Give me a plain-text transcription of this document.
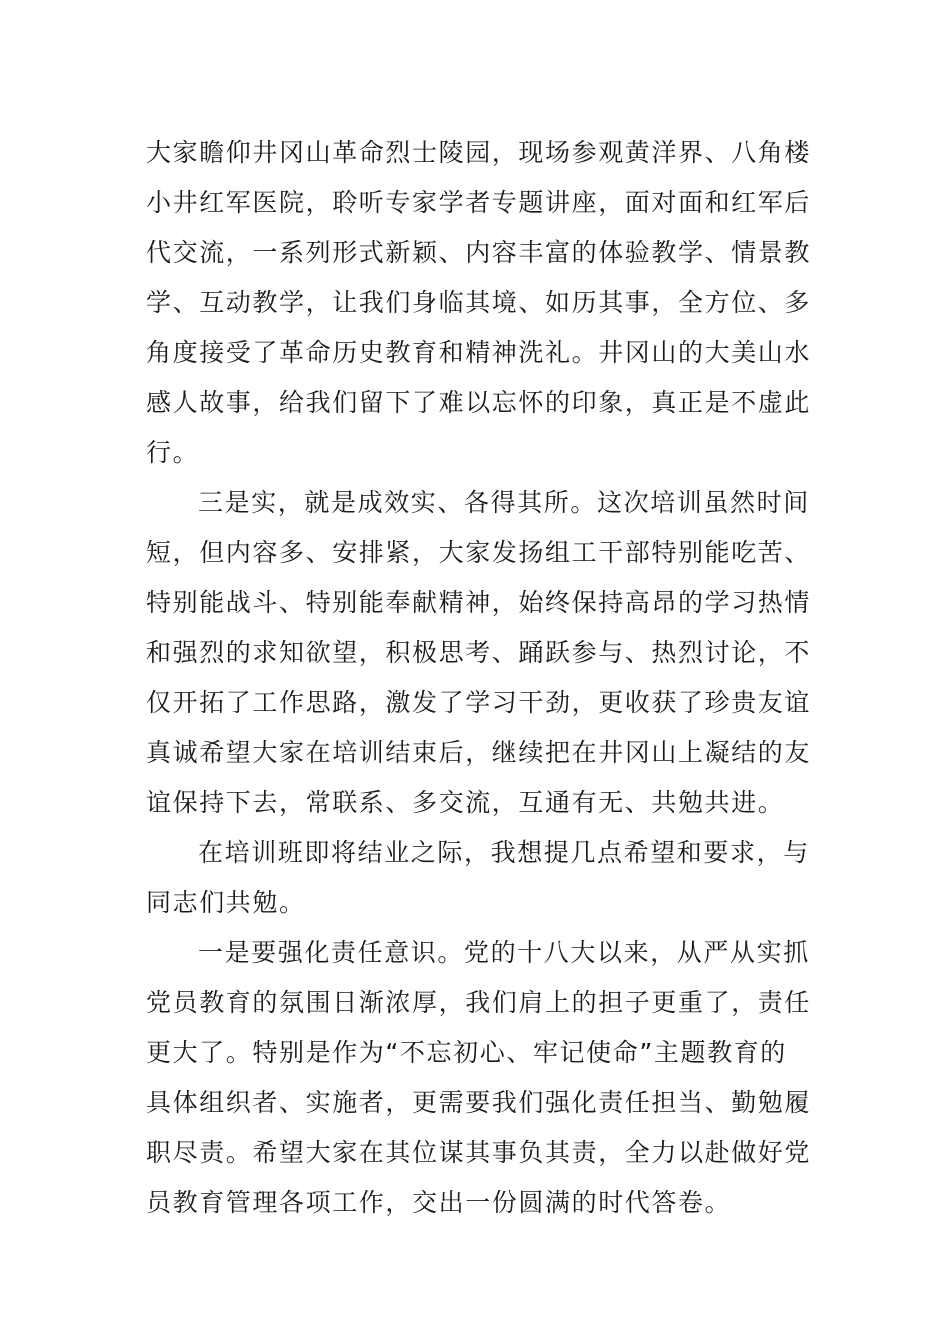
大家瞻仰井冈山革命烈士陵园，现场参观黄洋界、八角楼
小井红军医院，聆听专家学者专题讲座，面对面和红军后
代交流，一系列形式新颖、内容丰富的体验教学、情景教
学、互动教学，让我们身临其境、如历其事，全方位、多
角度接受了革命历史教育和精神洗礼。井冈山的大美山水
感人故事，给我们留下了难以忘怀的印象，真正是不虚此
行。
三是实，就是成效实、各得其所。这次培训虽然时间
短，但内容多、安排紧，大家发扬组工干部特别能吃苦、
特别能战斗、特别能奉献精神，始终保持高昂的学习热情
和强烈的求知欲望，积极思考、踊跃参与、热烈讨论，不
仅开拓了工作思路，激发了学习干劲，更收获了珍贵友谊
真诚希望大家在培训结束后，继续把在井冈山上凝结的友
谊保持下去，常联系、多交流，互通有无、共勉共进。
在培训班即将结业之际，我想提几点希望和要求，与
同志们共勉。
一是要强化责任意识。党的十八大以来，从严从实抓
党员教育的氛围日渐浓厚，我们肩上的担子更重了，责任
更大了。特别是作为“不忘初心、牢记使命”主题教育的
具体组织者、实施者，更需要我们强化责任担当、勤勉履
职尽责。希望大家在其位谋其事负其责，全力以赴做好党
员教育管理各项工作，交出一份圆满的时代答卷。
